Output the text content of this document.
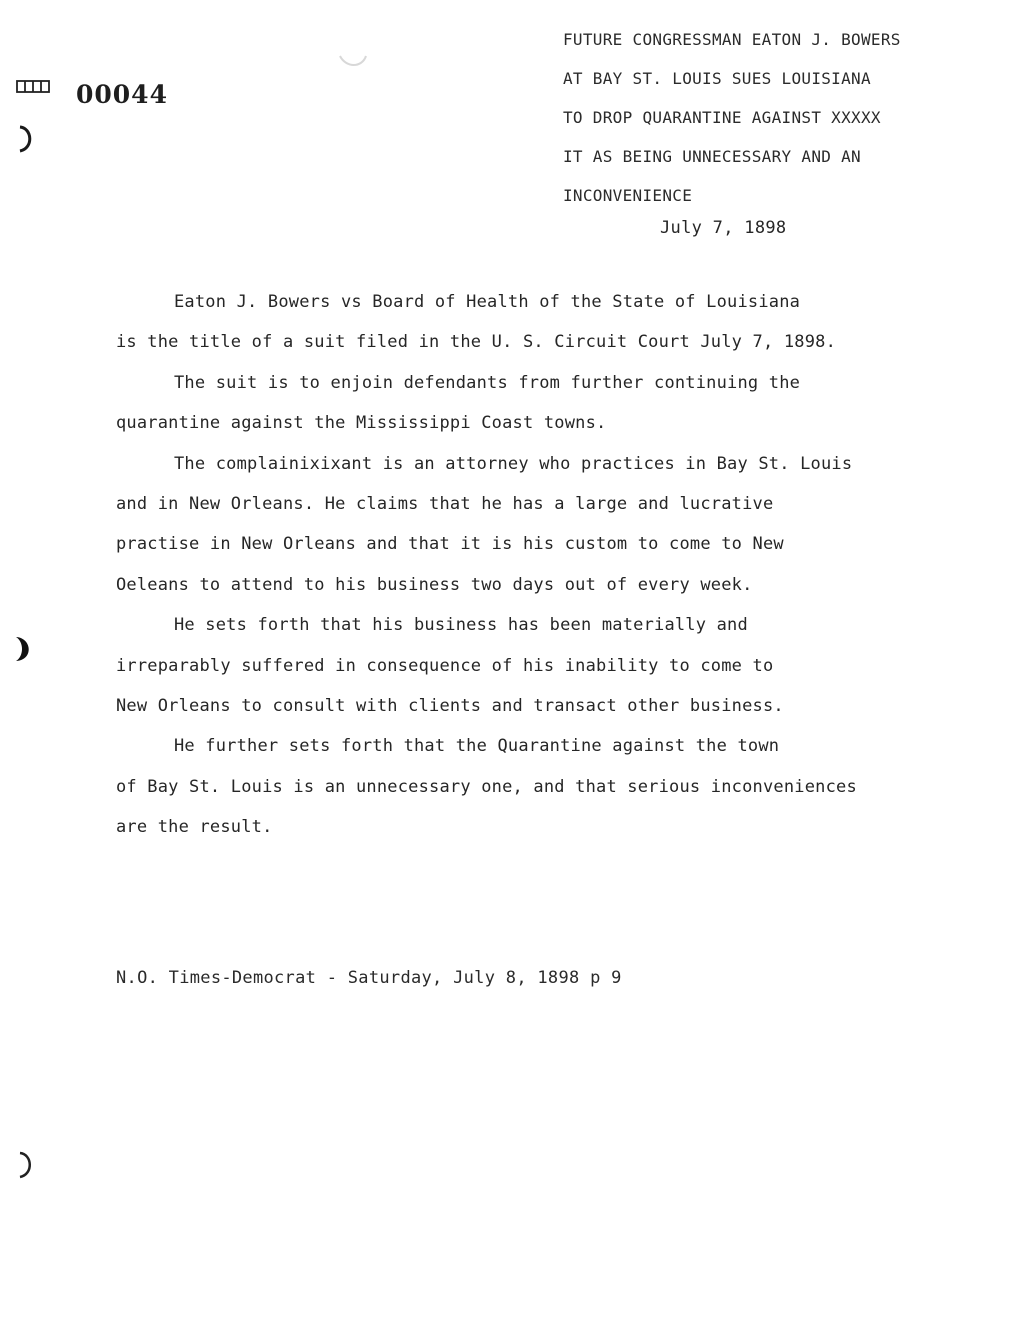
00044
FUTURE CONGRESSMAN EATON J. BOWERS
AT BAY ST. LOUIS SUES LOUISIANA
TO DROP QUARANTINE AGAINST XXXXX
IT AS BEING UNNECESSARY AND AN
INCONVENIENCE
July 7, 1898
Eaton J. Bowers vs Board of Health of the State of Louisiana
is the title of a suit filed in the U. S. Circuit Court July 7, 1898.
The suit is to enjoin defendants from further continuing the
quarantine against the Mississippi Coast towns.
The complainixixant is an attorney who practices in Bay St. Louis
and in New Orleans. He claims that he has a large and lucrative
practise in New Orleans and that it is his custom to come to New
Oeleans to attend to his business two days out of every week.
He sets forth that his business has been materially and
irreparably suffered in consequence of his inability to come to
New Orleans to consult with clients and transact other business.
He further sets forth that the Quarantine against the town
of Bay St. Louis is an unnecessary one, and that serious inconveniences
are the result.
N.O. Times-Democrat - Saturday, July 8, 1898 p 9
